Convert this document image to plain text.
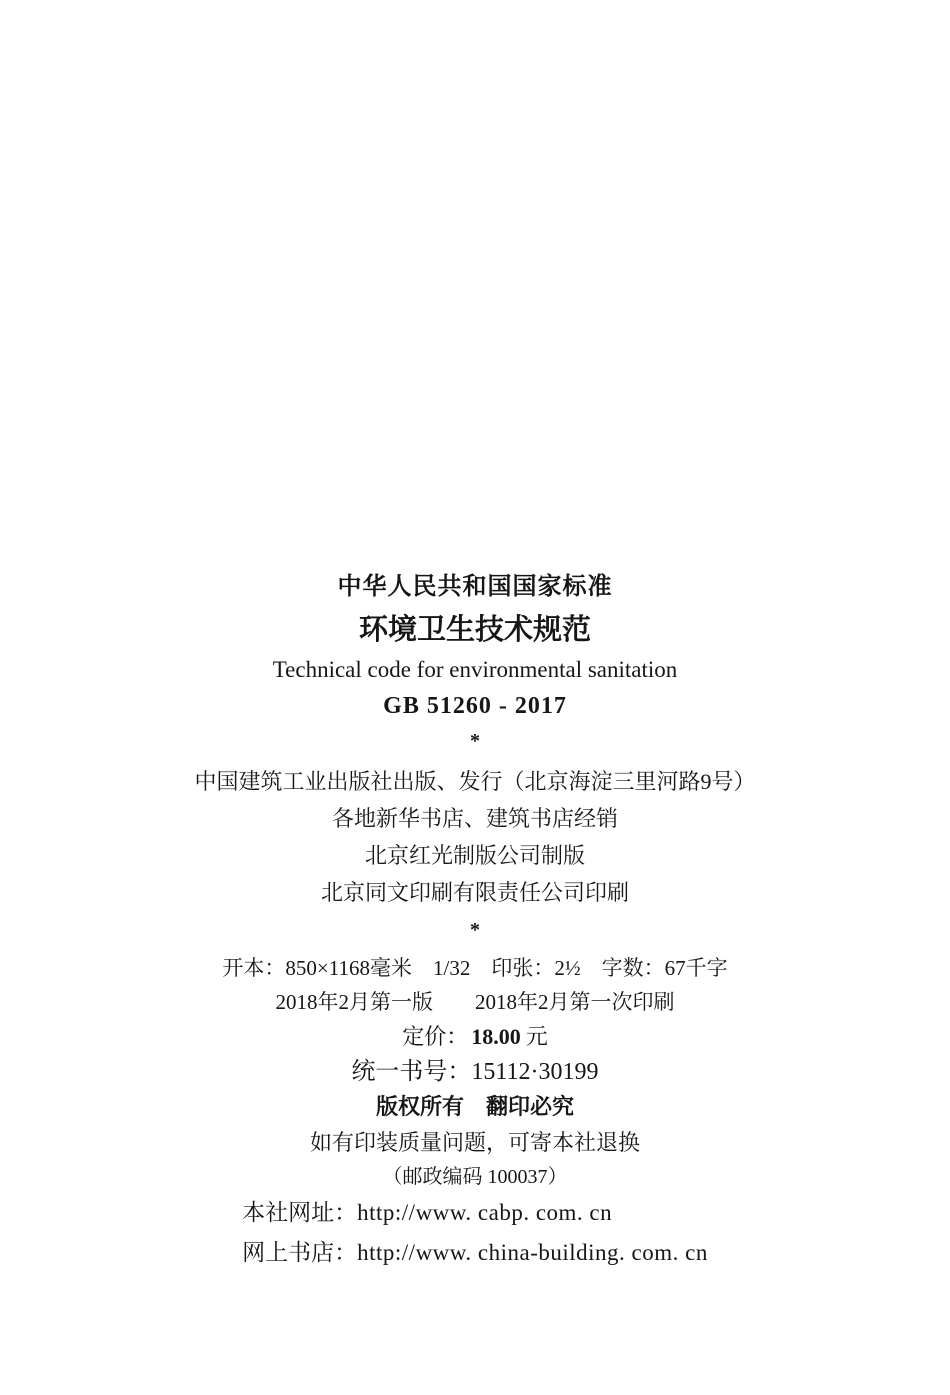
中华人民共和国国家标准
环境卫生技术规范
Technical code for environmental sanitation
GB 51260 - 2017
*
中国建筑工业出版社出版、发行（北京海淀三里河路9号）
各地新华书店、建筑书店经销
北京红光制版公司制版
北京同文印刷有限责任公司印刷
*
开本：850×1168毫米　1/32　印张：2½　字数：67千字
2018年2月第一版　　2018年2月第一次印刷
定价： 18.00 元
统一书号：15112·30199
版权所有　翻印必究
如有印装质量问题，可寄本社退换
（邮政编码 100037）
本社网址：http://www. cabp. com. cn
网上书店：http://www. china-building. com. cn
